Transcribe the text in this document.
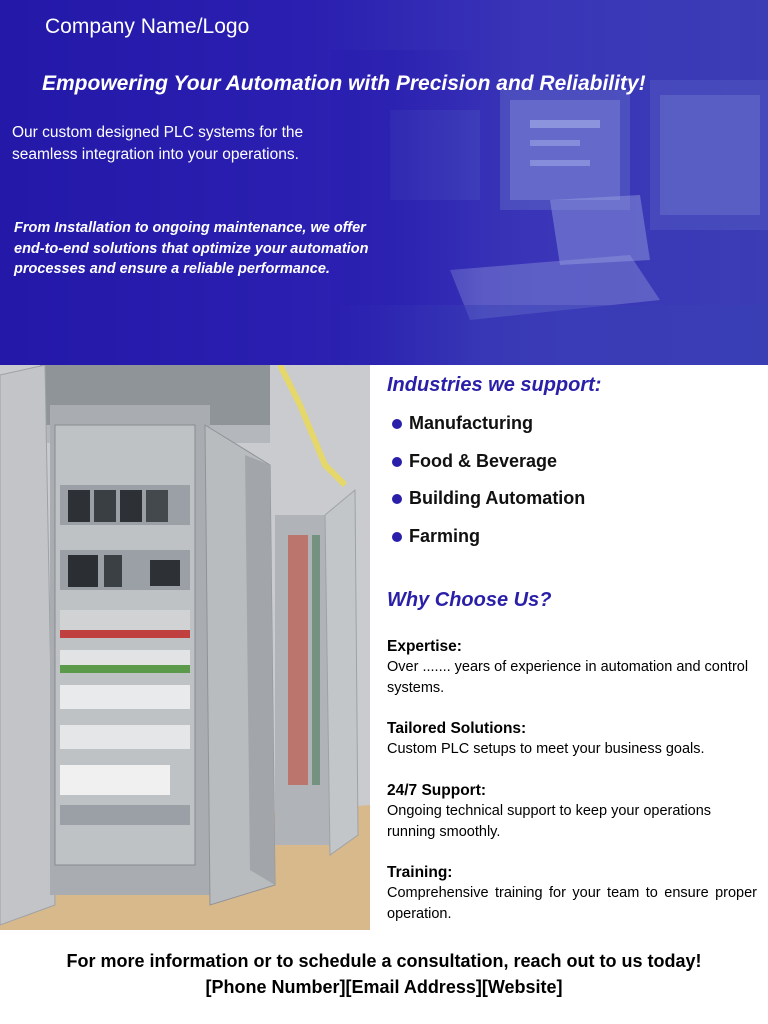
Company Name/Logo
Empowering Your Automation with Precision and Reliability!
Our custom designed PLC systems for the seamless integration into your operations.
From Installation to ongoing maintenance, we offer end-to-end solutions that optimize your automation processes and ensure a reliable performance.
Industries we support:
Manufacturing
Food & Beverage
Building Automation
Farming
Why Choose Us?
Expertise:
Over ....... years of experience in automation and control systems.
Tailored Solutions:
Custom PLC setups to meet your business goals.
24/7 Support:
Ongoing technical support to keep your operations running smoothly.
Training:
Comprehensive training for your team to ensure proper operation.
For more information or to schedule a consultation, reach out to us today!
[Phone Number][Email Address][Website]
